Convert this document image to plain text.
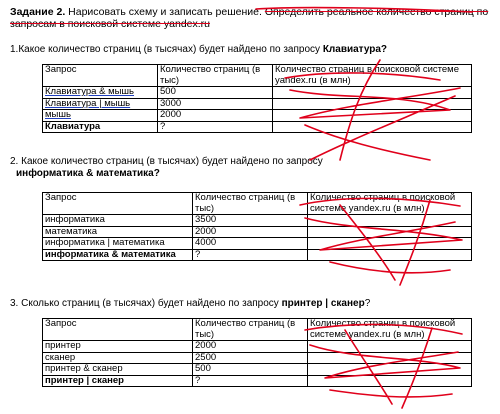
Задание 2. Нарисовать схему и записать решение. Определить реальное количество страниц по
запросам в поисковой системе yandex.ru
1.Какое количество страниц (в тысячах) будет найдено по запросу Клавиатура?
Запрос	Количество страниц (в тыс)	Количество страниц в поисковой системе yandex.ru (в млн)
Клавиатура & мышь	500	
Клавиатура | мышь	3000	
мышь	2000	
Клавиатура	?	
2. Какое количество страниц (в тысячах) будет найдено по запросу
информатика & математика?
Запрос	Количество страниц (в тыс)	Количество страниц в поисковой системе yandex.ru (в млн)
информатика	3500	
математика	2000	
информатика | математика	4000	
информатика & математика	?	
3. Сколько страниц (в тысячах) будет найдено по запросу принтер | сканер?
Запрос	Количество страниц (в тыс)	Количество страниц в поисковой системе yandex.ru (в млн)
принтер	2000	
сканер	2500	
принтер & сканер	500	
принтер | сканер	?	
